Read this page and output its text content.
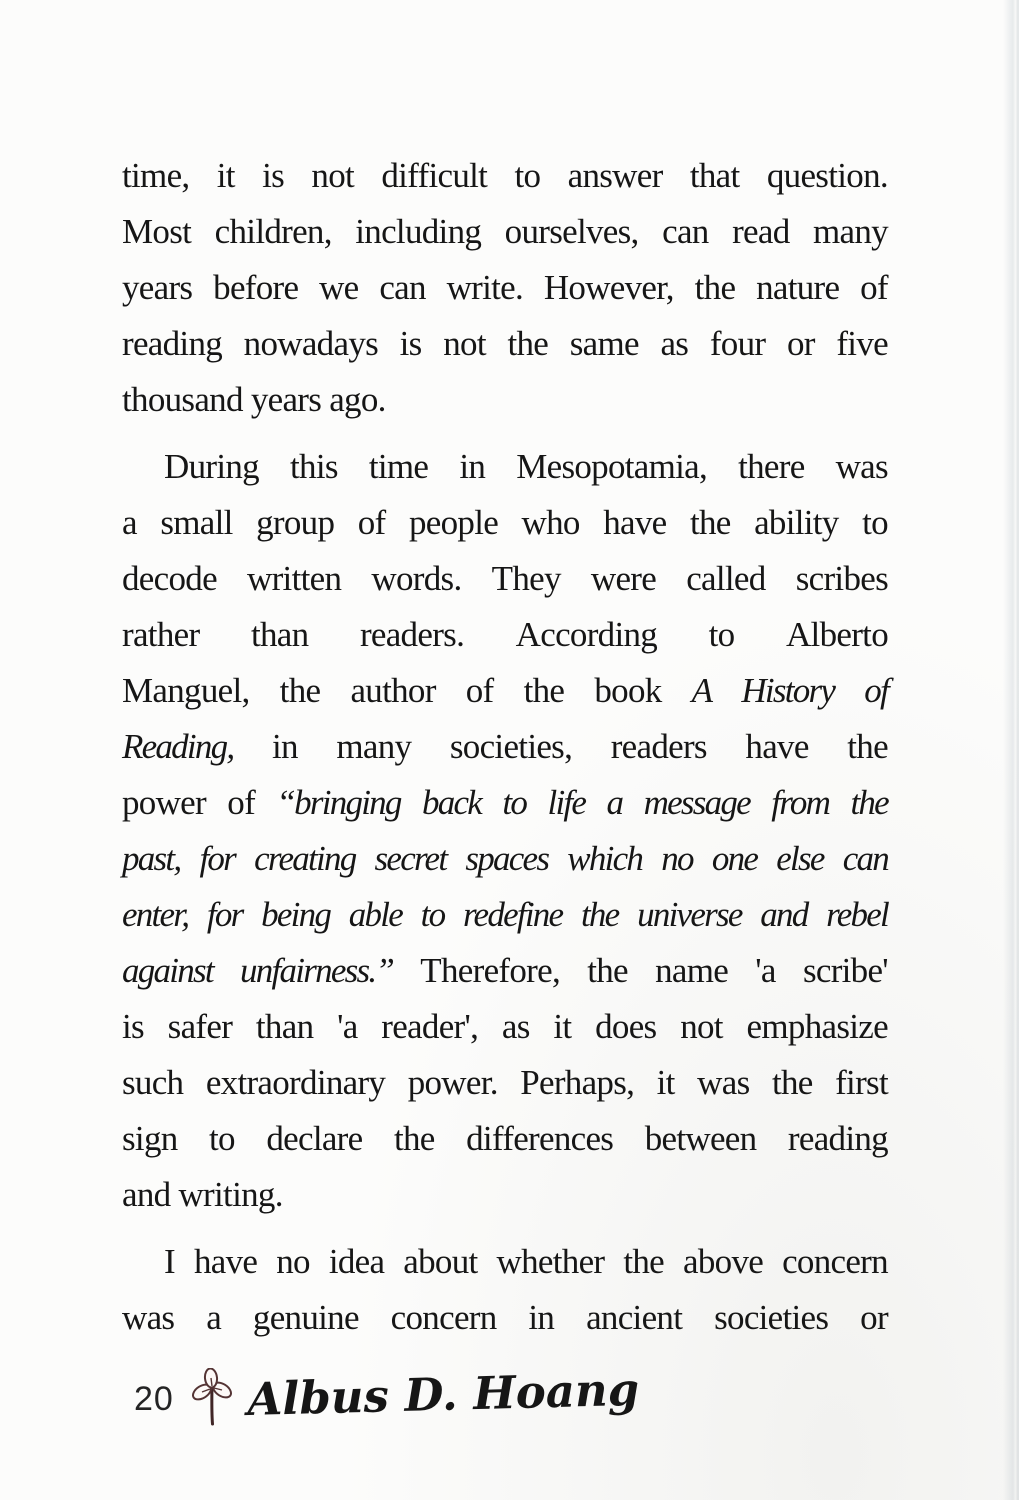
time, it is not difficult to answer that question.
Most children, including ourselves, can read many
years before we can write. However, the nature of
reading nowadays is not the same as four or five
thousand years ago.
During this time in Mesopotamia, there was
a small group of people who have the ability to
decode written words. They were called scribes
rather than readers. According to Alberto
Manguel, the author of the book A History of
Reading, in many societies, readers have the
power of “bringing back to life a message from the
past, for creating secret spaces which no one else can
enter, for being able to redefine the universe and rebel
against unfairness.” Therefore, the name 'a scribe'
is safer than 'a reader', as it does not emphasize
such extraordinary power. Perhaps, it was the first
sign to declare the differences between reading
and writing.
I have no idea about whether the above concern
was a genuine concern in ancient societies or
20 Albus D. Hoang
